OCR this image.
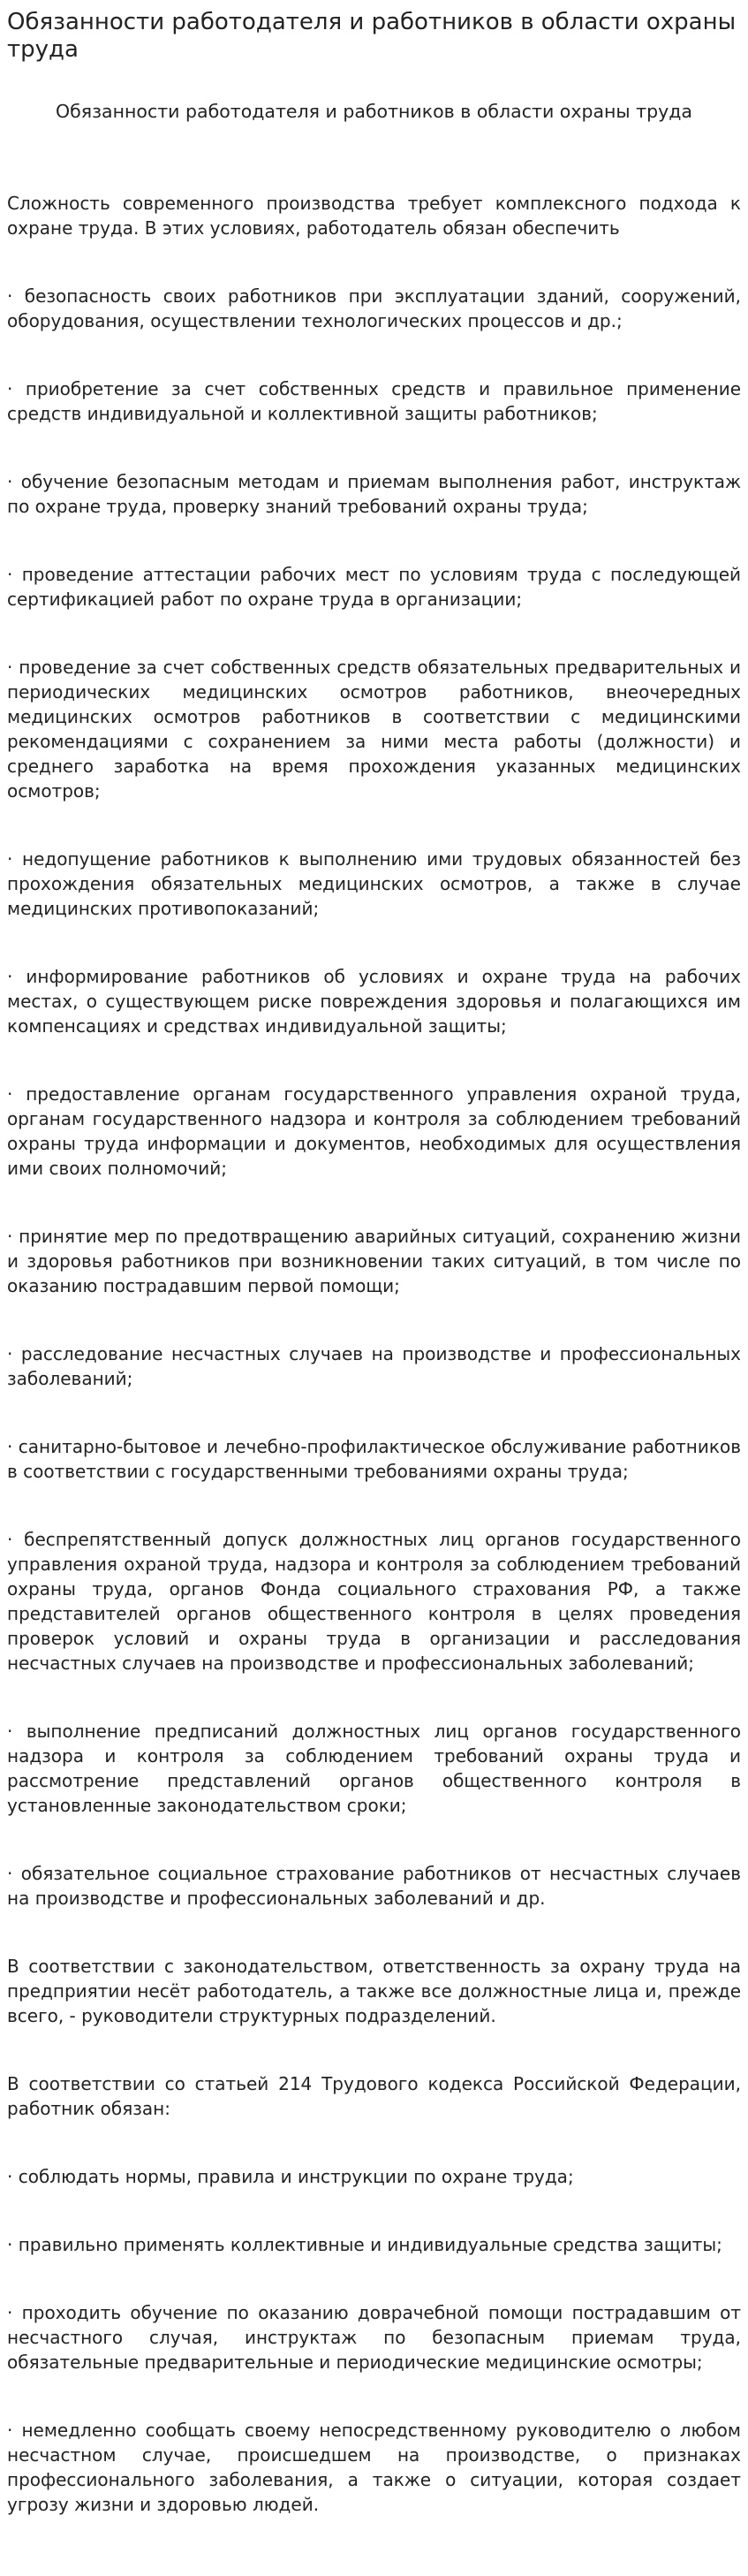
Обязанности работодателя и работников в области охраны труда
Обязанности работодателя и работников в области охраны труда

Сложность современного производства требует комплексного подхода к охране труда. В этих условиях, работодатель обязан обеспечить

· безопасность своих работников при эксплуатации зданий, сооружений, оборудования, осуществлении технологических процессов и др.;

· приобретение за счет собственных средств и правильное применение средств индивидуальной и коллективной защиты работников;

· обучение безопасным методам и приемам выполнения работ, инструктаж по охране труда, проверку знаний требований охраны труда;

· проведение аттестации рабочих мест по условиям труда с последующей сертификацией работ по охране труда в организации;

· проведение за счет собственных средств обязательных предварительных и периодических медицинских осмотров работников, внеочередных медицинских осмотров работников в соответствии с медицинскими рекомендациями с сохранением за ними места работы (должности) и среднего заработка на время прохождения указанных медицинских осмотров;

· недопущение работников к выполнению ими трудовых обязанностей без прохождения обязательных медицинских осмотров, а также в случае медицинских противопоказаний;

· информирование работников об условиях и охране труда на рабочих местах, о существующем риске повреждения здоровья и полагающихся им компенсациях и средствах индивидуальной защиты;

· предоставление органам государственного управления охраной труда, органам государственного надзора и контроля за соблюдением требований охраны труда информации и документов, необходимых для осуществления ими своих полномочий;

· принятие мер по предотвращению аварийных ситуаций, сохранению жизни и здоровья работников при возникновении таких ситуаций, в том числе по оказанию пострадавшим первой помощи;

· расследование несчастных случаев на производстве и профессиональных заболеваний;

· санитарно-бытовое и лечебно-профилактическое обслуживание работников в соответствии с государственными требованиями охраны труда;

· беспрепятственный допуск должностных лиц органов государственного управления охраной труда, надзора и контроля за соблюдением требований охраны труда, органов Фонда социального страхования РФ, а также представителей органов общественного контроля в целях проведения проверок условий и охраны труда в организации и расследования несчастных случаев на производстве и профессиональных заболеваний;

· выполнение предписаний должностных лиц органов государственного надзора и контроля за соблюдением требований охраны труда и рассмотрение представлений органов общественного контроля в установленные законодательством сроки;

· обязательное социальное страхование работников от несчастных случаев на производстве и профессиональных заболеваний и др.

В соответствии с законодательством, ответственность за охрану труда на предприятии несёт работодатель, а также все должностные лица и, прежде всего, - руководители структурных подразделений.

В соответствии со статьей 214 Трудового кодекса Российской Федерации, работник обязан:

· соблюдать нормы, правила и инструкции по охране труда;

· правильно применять коллективные и индивидуальные средства защиты;

· проходить обучение по оказанию доврачебной помощи пострадавшим от несчастного случая, инструктаж по безопасным приемам труда, обязательные предварительные и периодические медицинские осмотры;

· немедленно сообщать своему непосредственному руководителю о любом несчастном случае, происшедшем на производстве, о признаках профессионального заболевания, а также о ситуации, которая создает угрозу жизни и здоровью людей.
